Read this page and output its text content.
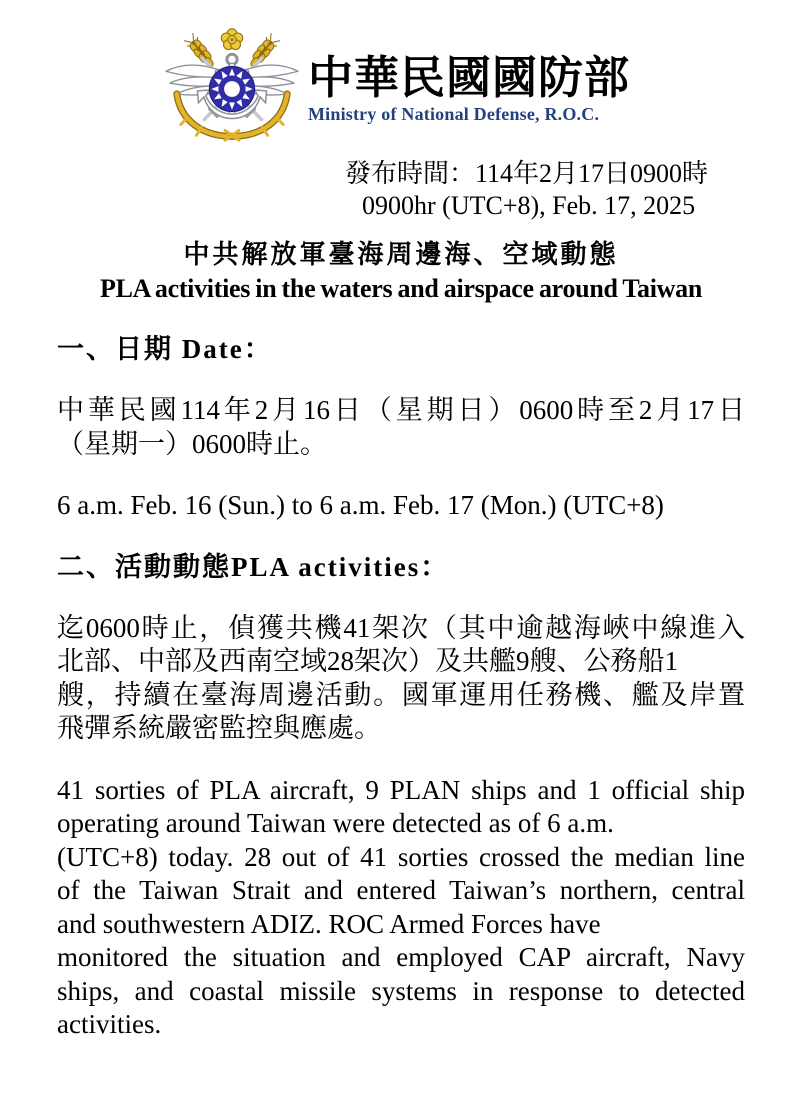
中華民國國防部
Ministry of National Defense, R.O.C.
發布時間：114年2月17日0900時
0900hr (UTC+8), Feb. 17, 2025
中共解放軍臺海周邊海、空域動態
PLA activities in the waters and airspace around Taiwan
一、日期 Date：
中華民國114年2月16日（星期日）0600時至2月17日
（星期一）0600時止。
6 a.m. Feb. 16 (Sun.) to 6 a.m. Feb. 17 (Mon.) (UTC+8)
二、活動動態PLA activities：
迄0600時止，偵獲共機41架次（其中逾越海峽中線進入
北部、中部及西南空域28架次）及共艦9艘、公務船1
艘，持續在臺海周邊活動。國軍運用任務機、艦及岸置
飛彈系統嚴密監控與應處。
41 sorties of PLA aircraft, 9 PLAN ships and 1 official ship
operating around Taiwan were detected as of 6 a.m.
(UTC+8) today. 28 out of 41 sorties crossed the median line
of the Taiwan Strait and entered Taiwan’s northern, central
and southwestern ADIZ. ROC Armed Forces have
monitored the situation and employed CAP aircraft, Navy
ships, and coastal missile systems in response to detected
activities.
